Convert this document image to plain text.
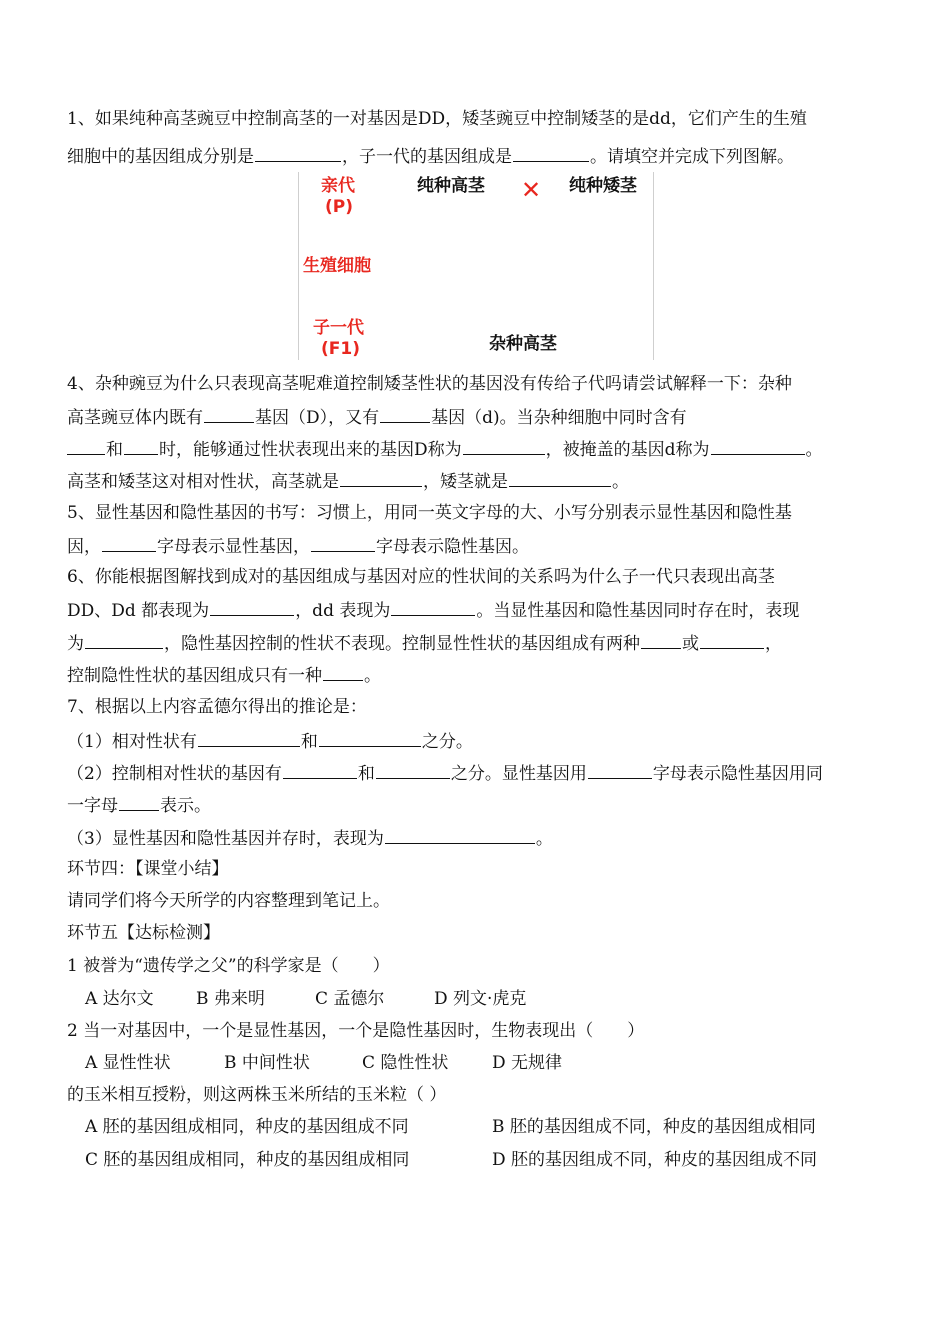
1、如果纯种高茎豌豆中控制高茎的一对基因是DD，矮茎豌豆中控制矮茎的是dd，它们产生的生殖
细胞中的基因组成分别是	，子一代的基因组成是	。请填空并完成下列图解。
亲代
(P)
纯种高茎 ✕ 纯种矮茎
生殖细胞
子一代
(F1)	杂种高茎
4、杂种豌豆为什么只表现高茎呢难道控制矮茎性状的基因没有传给子代吗请尝试解释一下：杂种
高茎豌豆体内既有	基因（D），又有	基因（d)。当杂种细胞中同时含有
和 时，能够通过性状表现出来的基因D称为	，被掩盖的基因d称为	。
高茎和矮茎这对相对性状，高茎就是	，矮茎就是	。
5、显性基因和隐性基因的书写：习惯上，用同一英文字母的大、小写分别表示显性基因和隐性基
因，	字母表示显性基因，	字母表示隐性基因。
6、你能根据图解找到成对的基因组成与基因对应的性状间的关系吗为什么子一代只表现出高茎
DD、Dd 都表现为	，dd 表现为	。当显性基因和隐性基因同时存在时，表现
为	，隐性基因控制的性状不表现。控制显性性状的基因组成有两种 或	，
控制隐性性状的基因组成只有一种 。
7、根据以上内容孟德尔得出的推论是：
（1）相对性状有	和	之分。
（2）控制相对性状的基因有	和	之分。显性基因用	字母表示隐性基因用同
一字母 表示。
（3）显性基因和隐性基因并存时，表现为	。
环节四：【课堂小结】
请同学们将今天所学的内容整理到笔记上。
环节五【达标检测】
1 被誉为“遗传学之父”的科学家是（　　）
A 达尔文 B 弗来明	C 孟德尔	D 列文·虎克
2 当一对基因中，一个是显性基因，一个是隐性基因时，生物表现出（　　）
A 显性性状	B 中间性状	C 隐性性状	D 无规律
的玉米相互授粉，则这两株玉米所结的玉米粒（ ）
A 胚的基因组成相同，种皮的基因组成不同	B 胚的基因组成不同，种皮的基因组成相同
C 胚的基因组成相同，种皮的基因组成相同	D 胚的基因组成不同，种皮的基因组成不同
